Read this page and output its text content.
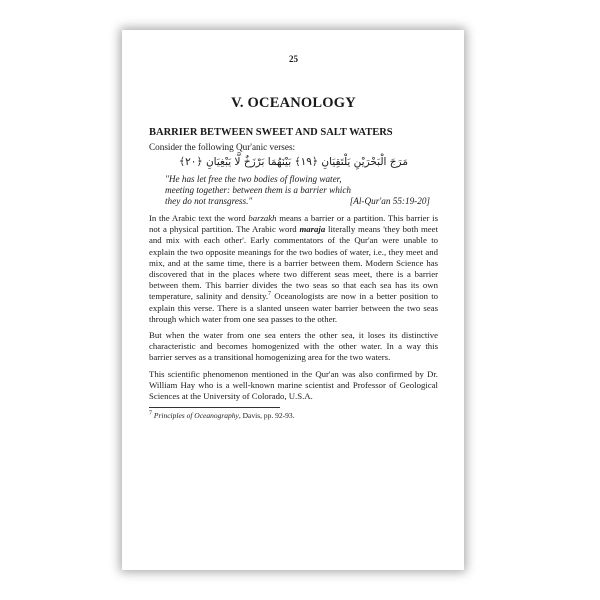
25
V. OCEANOLOGY
BARRIER BETWEEN SWEET AND SALT WATERS
Consider the following Qur'anic verses:
مَرَجَ الْبَحْرَيْنِ يَلْتَقِيَانِ ﴿١٩﴾ بَيْنَهُمَا بَرْزَخٌ لَّا يَبْغِيَانِ ﴿٢٠﴾
"He has let free the two bodies of flowing water,
meeting together: between them is a barrier which
they do not transgress."	[Al-Qur'an 55:19-20]

In the Arabic text the word barzakh means a barrier or a partition. This barrier is not a physical partition. The Arabic word maraja literally means 'they both meet and mix with each other'. Early commentators of the Qur'an were unable to explain the two opposite meanings for the two bodies of water, i.e., they meet and mix, and at the same time, there is a barrier between them. Modern Science has discovered that in the places where two different seas meet, there is a barrier between them. This barrier divides the two seas so that each sea has its own temperature, salinity and density.$^7$ Oceanologists are now in a better position to explain this verse. There is a slanted unseen water barrier between the two seas through which water from one sea passes to the other.

But when the water from one sea enters the other sea, it loses its distinctive characteristic and becomes homogenized with the other water. In a way this barrier serves as a transitional homogenizing area for the two waters.

This scientific phenomenon mentioned in the Qur'an was also confirmed by Dr. William Hay who is a well-known marine scientist and Professor of Geological Sciences at the University of Colorado, U.S.A.

$^7$ Principles of Oceanography, Davis, pp. 92-93.
